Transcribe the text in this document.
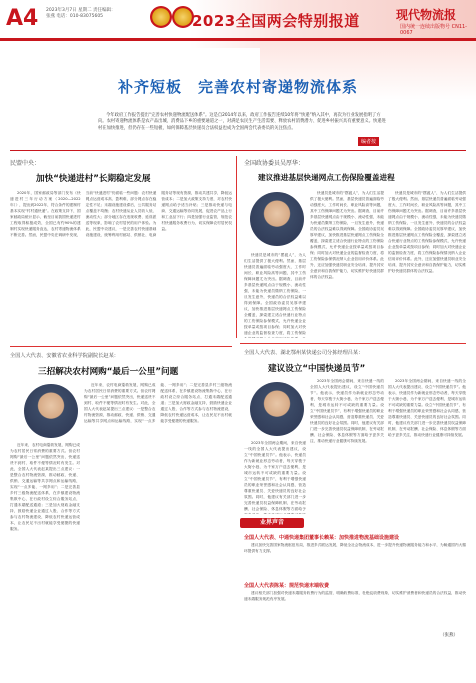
A4 2023年3月7日 星期二 责任编辑：张燕 电话：010-83075605	2023全国两会特别报道	现代物流报
国内统一连续出版物号 CN11-0067
补齐短板　完善农村寄递物流体系
今年政府工作报告提出“完善农村快递物流配送体系”。这是自2014年以来，政府工作报告连续10年将“快递”纳入其中，再次为行业发展指明了方向。农村寄递物流体系是农产品出城、消费品下乡的重要通道之一，对满足农民生产生活需要、释放农村消费潜力、促进乡村振兴具有重要意义。快递进村在加快推进，但仍存在一些短板，如何保障基层快递员合法权益也成为全国两会代表委员的关注焦点。
编者按
民盟中央：
加快“快递进村”长期稳定发展

2020年，国家邮政局等部门发布《快递进村三年行动方案（2020—2022年）》，提出到2022年，符合条件的建制村基本实现“村村通快递”。在政策支持下，国家邮政局统计显示，截至目前我国快递进村工程取得积极成效，全国已有约90%的建制村实现快递服务直达，农村寄递物流体系不断完善。然而，民盟中央在调研中发现，当前“快递进村”仍面临一些问题：农村快递网点运营成本高、盈利难，部分网点存在稳定性不足；末端设施建设滞后，公共服务站点覆盖不均衡；农村快递从业人员收入低、流动性大；部分地区存在违规收费、延误派送等现象，影响了农村居民的用户体验。为此，民盟中央建议，一是完善农村快递基础设施建设，统筹利用村邮站、供销社、电商服务站等现有资源，推动共建共享，降低运营成本；二是加大政策支持力度，对农村快递网点给予适当补贴；三是推动快递与电商、交通运输等协同发展，促进农产品上行和工业品下行；四是加强行业监管，规范农村快递服务收费行为，切实保障农村居民权益。

全国政协委员吴厚华：
建议推进基层快递网点工伤保险覆盖进程

快递员是城市的“摆渡人”，为人们生活提供了极大便利。然而，基层快递员普遍面临劳动强度大、工作时间长、职业风险高等问题，其中工伤保障问题尤为突出。据调查，目前许多基层快递网点由于规模小、流动性强，未能为快递员缴纳工伤保险，一旦发生意外，快递员的合法权益难以得到保障。全国政协委员吴厚华建议，加快推进基层快递网点工伤保险全覆盖，探索建立适合快递行业特点的工伤保险参保模式，允许快递企业按单量或按项目参保；同时加大对快递企业的监督检查力度，将工伤保险参保情况纳入企业信用评价体系。此外，还应加强快递员职业安全培训，提升其安全意识和自我保护能力，切实维护好快递员群体的合法权益。

快递员是城市的“摆渡人”，为人们生活提供了极大便利。然而，基层快递员普遍面临劳动强度大、工作时间长、职业风险高等问题，其中工伤保障问题尤为突出。据调查，目前许多基层快递网点由于规模小、流动性强，未能为快递员缴纳工伤保险，一旦发生意外，快递员的合法权益难以得到保障。全国政协委员吴厚华建议，加快推进基层快递网点工伤保险全覆盖，探索建立适合快递行业特点的工伤保险参保模式，允许快递企业按单量或按项目参保；同时加大对快递企业的监督检查力度，将工伤保险参保情况纳入企业信用评价体系。此外，还应加强快递员职业安全培训，提升其安全意识和自我保护能力，切实维护好快递员群体的合法权益。

快递员是城市的“摆渡人”，为人们生活提供了极大便利。然而，基层快递员普遍面临劳动强度大、工作时间长、职业风险高等问题，其中工伤保障问题尤为突出。据调查，目前许多基层快递网点由于规模小、流动性强，未能为快递员缴纳工伤保险，一旦发生意外，快递员的合法权益难以得到保障。全国政协委员吴厚华建议，加快推进基层快递网点工伤保险全覆盖，探索建立适合快递行业特点的工伤保险参保模式，允许快递企业按单量或按项目参保；同时加大对快递企业的监督检查力度，将工伤保险

全国人大代表、湖北鄂州某快递公司分拣经理吕某：
建议设立“中国快递员节”

2023年全国两会期间，来自快递一线的全国人大代表提出建议，设立“中国快递员节”。他表示，快递员作为新就业形态劳动者，每天穿梭于大街小巷，为千家万户送去便利，是城市运转不可或缺的重要力量。设立“中国快递员节”，有利于增强快递员的职业荣誉感和社会认同感，营造尊重快递员、关爱快递员的良好社会氛围。同时，他建议有关部门进一步完善快递员权益保障机制，在劳动报酬、社会保险、休息休假等方面给予更多关注，推动快递行业健康可持续发展。

2023年全国两会期间，来自快递一线的全国人大代表提出建议，设立“中国快递员节”。他表示，快递员作为新就业形态劳动者，每天穿梭于大街小巷，为千家万户送去便利，是城市运转不可或缺的重要力量。设立“中国快递员节”，有利于增强快递员的职业荣誉感和社会认同感，营造尊重快递员、关爱快递员的良好社会氛围。同时，他建议有关部门进一步完善快递员权益保障机制，在劳动报酬、社会保险、休息休假等方面给予更多关注，推动快递行业健康可持续发展。

2023年全国两会期间，来自快递一线的全国人大代表提出建议，设立“中国快递员节”。他表示，快递员作为新就业形态劳动者，每天穿梭于大街小巷，为千家万户送去便利，是城市运转不可或缺的重要力量。设立“中国快递员节”，有利于增强快递员的职业荣誉感和社会认同感，营造尊重快递员、关爱快递员的良好社会氛围。同时，他建议有关部门进一步完善快递员权益保障机制，在劳动报酬、社会保险、休息休假等方面给予

全国人大代表、安徽省农业科学院副院长赵某：
三招解决农村网购“最后一公里”问题

近年来，农村电商蓬勃发展，网购已成为农村居民日常消费的重要方式。但农村网购“最后一公里”问题依然突出，快递送货不到村、取件不便等情况时有发生。对此，全国人大代表赵某提出三点建议：一是整合农村物流资源，推动邮政、快递、供销、交通运输等共享网点和运输线路，实现“一点多能、一网多用”；二是完善县乡村三级物流配送体系，在乡镇建设物流集散中心，在行政村设立综合服务站点，打通末端配送通道；三是加大财政金融支持，鼓励快递企业通过入股、合作等方式参与农村物流建设，降低农村快递运营成本，让农民足不出村就能享受便捷的快递服务。

近年来，农村电商蓬勃发展，网购已成为农村居民日常消费的重要方式。但农村网购“最后一公里”问题依然突出，快递送货不到村、取件不便等情况时有发生。对此，全国人大代表赵某提出三点建议：一是整合农村物流资源，推动邮政、快递、供销、交通运输等共享网点和运输线路，实现“一点多能、一网多用”；二是完善县乡村三级物流配送体系，在乡镇建设物流集散中心，在行政村设立综合服务站点，打通末端配送通道；三是加大财政金融支持，鼓励快递企业通过入股、合作等方式参与农村物流建设，降低农村快递运营成本，让农民足不出村就能享受便捷的快递服务。

业界声音
全国人大代表、中通快递集团董事长赖某：加快推进物流基础设施建设

建议加快完善国家物流枢纽布局，推进多式联运发展，降低全社会物流成本，进一步提升快递物流服务能力和水平，为畅通国内大循环提供有力支撑。

全国人大代表陈某：规范快递末端收费

建议相关部门加强对快递末端服务收费行为的监管，明确收费标准，杜绝乱收费现象，切实维护消费者和快递员的合法权益，推动快递末端服务规范有序发展。

（张燕）
